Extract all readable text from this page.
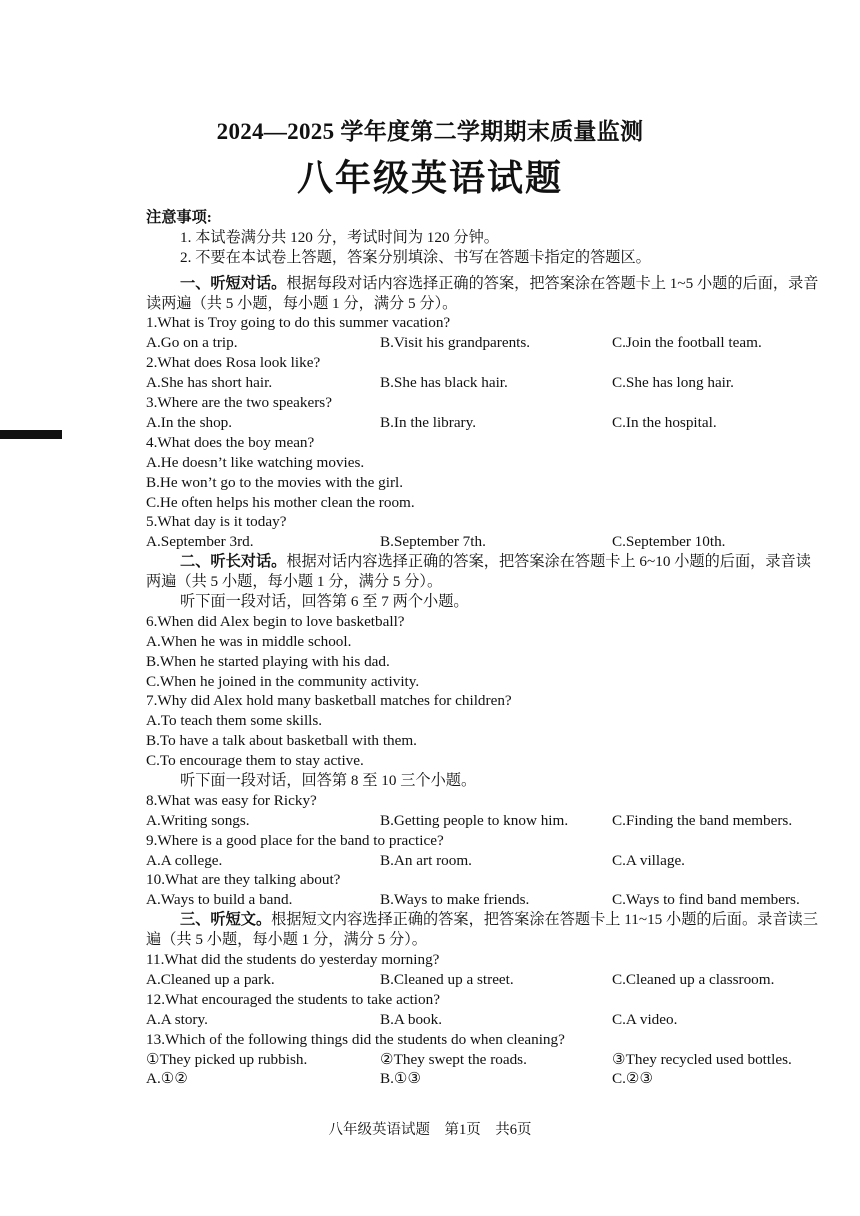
2024—2025 学年度第二学期期末质量监测
八年级英语试题
注意事项:
1. 本试卷满分共 120 分，考试时间为 120 分钟。
2. 不要在本试卷上答题，答案分别填涂、书写在答题卡指定的答题区。

一、听短对话。根据每段对话内容选择正确的答案，把答案涂在答题卡上 1~5 小题的后面，录音读两遍（共 5 小题，每小题 1 分，满分 5 分）。

1.What is Troy going to do this summer vacation?
A.Go on a trip.	B.Visit his grandparents.	C.Join the football team.
2.What does Rosa look like?
A.She has short hair.	B.She has black hair.	C.She has long hair.
3.Where are the two speakers?
A.In the shop.	B.In the library.	C.In the hospital.
4.What does the boy mean?
A.He doesn’t like watching movies.
B.He won’t go to the movies with the girl.
C.He often helps his mother clean the room.
5.What day is it today?
A.September 3rd.	B.September 7th.	C.September 10th.

二、听长对话。根据对话内容选择正确的答案，把答案涂在答题卡上 6~10 小题的后面，录音读两遍（共 5 小题，每小题 1 分，满分 5 分）。

听下面一段对话，回答第 6 至 7 两个小题。
6.When did Alex begin to love basketball?
A.When he was in middle school.
B.When he started playing with his dad.
C.When he joined in the community activity.
7.Why did Alex hold many basketball matches for children?
A.To teach them some skills.
B.To have a talk about basketball with them.
C.To encourage them to stay active.
听下面一段对话，回答第 8 至 10 三个小题。
8.What was easy for Ricky?
A.Writing songs.	B.Getting people to know him.	C.Finding the band members.
9.Where is a good place for the band to practice?
A.A college.	B.An art room.	C.A village.
10.What are they talking about?
A.Ways to build a band.	B.Ways to make friends.	C.Ways to find band members.

三、听短文。根据短文内容选择正确的答案，把答案涂在答题卡上 11~15 小题的后面。录音读三遍（共 5 小题，每小题 1 分，满分 5 分）。

11.What did the students do yesterday morning?
A.Cleaned up a park.	B.Cleaned up a street.	C.Cleaned up a classroom.
12.What encouraged the students to take action?
A.A story.	B.A book.	C.A video.
13.Which of the following things did the students do when cleaning?
①They picked up rubbish.	②They swept the roads.	③They recycled used bottles.
A.①②	B.①③	C.②③
八年级英语试题　第1页　共6页
